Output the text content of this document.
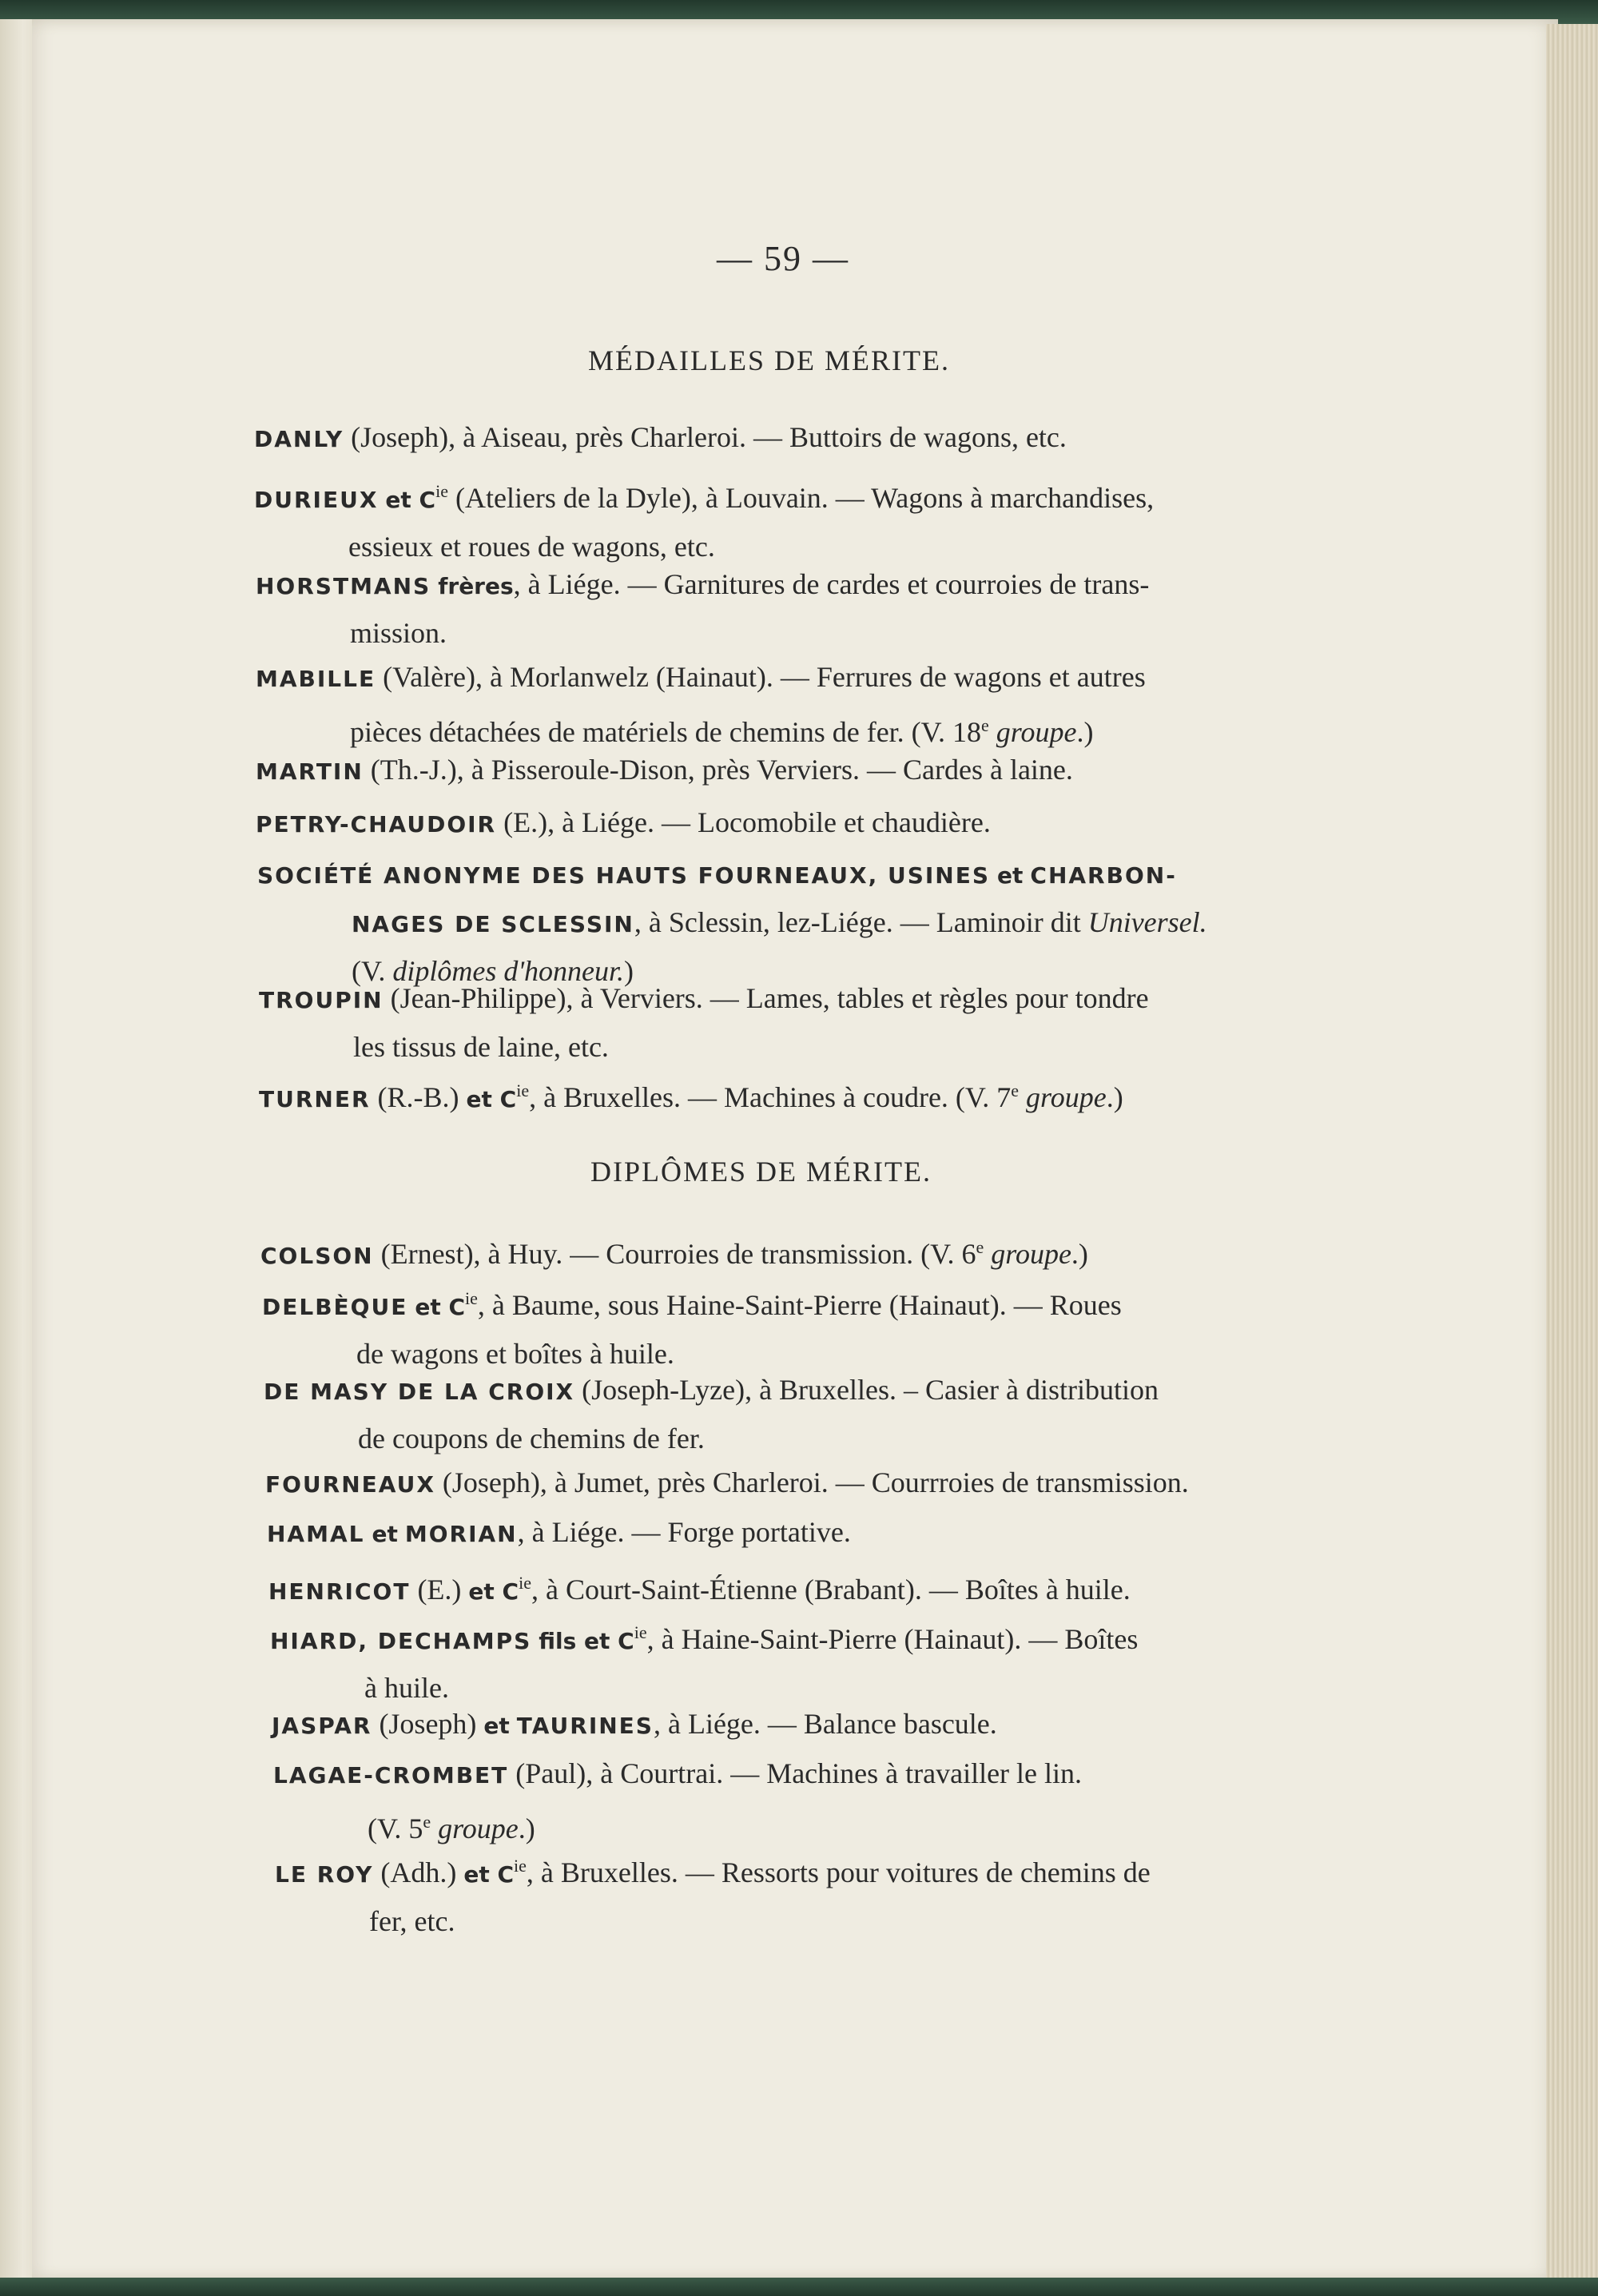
— 59 —
MÉDAILLES DE MÉRITE.
DANLY (Joseph), à Aiseau, près Charleroi. — Buttoirs de wagons, etc.
DURIEUX et $C^{ie}$ (Ateliers de la Dyle), à Louvain. — Wagons à marchandises,
essieux et roues de wagons, etc.
HORSTMANS frères, à Liége. — Garnitures de cardes et courroies de trans-
mission.
MABILLE (Valère), à Morlanwelz (Hainaut). — Ferrures de wagons et autres
pièces détachées de matériels de chemins de fer. (V. 18e groupe.)
MARTIN (Th.-J.), à Pisseroule-Dison, près Verviers. — Cardes à laine.
PETRY-CHAUDOIR (E.), à Liége. — Locomobile et chaudière.
SOCIÉTÉ ANONYME DES HAUTS FOURNEAUX, USINES et CHARBON-
NAGES DE SCLESSIN, à Sclessin, lez-Liége. — Laminoir dit Universel.
(V. diplômes d'honneur.)
TROUPIN (Jean-Philippe), à Verviers. — Lames, tables et règles pour tondre
les tissus de laine, etc.
TURNER (R.-B.) et $C^{ie}$, à Bruxelles. — Machines à coudre. (V. 7e groupe.)
DIPLÔMES DE MÉRITE.
COLSON (Ernest), à Huy. — Courroies de transmission. (V. 6e groupe.)
DELBÈQUE et $C^{ie}$, à Baume, sous Haine-Saint-Pierre (Hainaut). — Roues
de wagons et boîtes à huile.
DE MASY DE LA CROIX (Joseph-Lyze), à Bruxelles. – Casier à distribution
de coupons de chemins de fer.
FOURNEAUX (Joseph), à Jumet, près Charleroi. — Courrroies de transmission.
HAMAL et MORIAN, à Liége. — Forge portative.
HENRICOT (E.) et $C^{ie}$, à Court-Saint-Étienne (Brabant). — Boîtes à huile.
HIARD, DECHAMPS fils et $C^{ie}$, à Haine-Saint-Pierre (Hainaut). — Boîtes
à huile.
JASPAR (Joseph) et TAURINES, à Liége. — Balance bascule.
LAGAE-CROMBET (Paul), à Courtrai. — Machines à travailler le lin.
(V. 5e groupe.)
LE ROY (Adh.) et $C^{ie}$, à Bruxelles. — Ressorts pour voitures de chemins de
fer, etc.
